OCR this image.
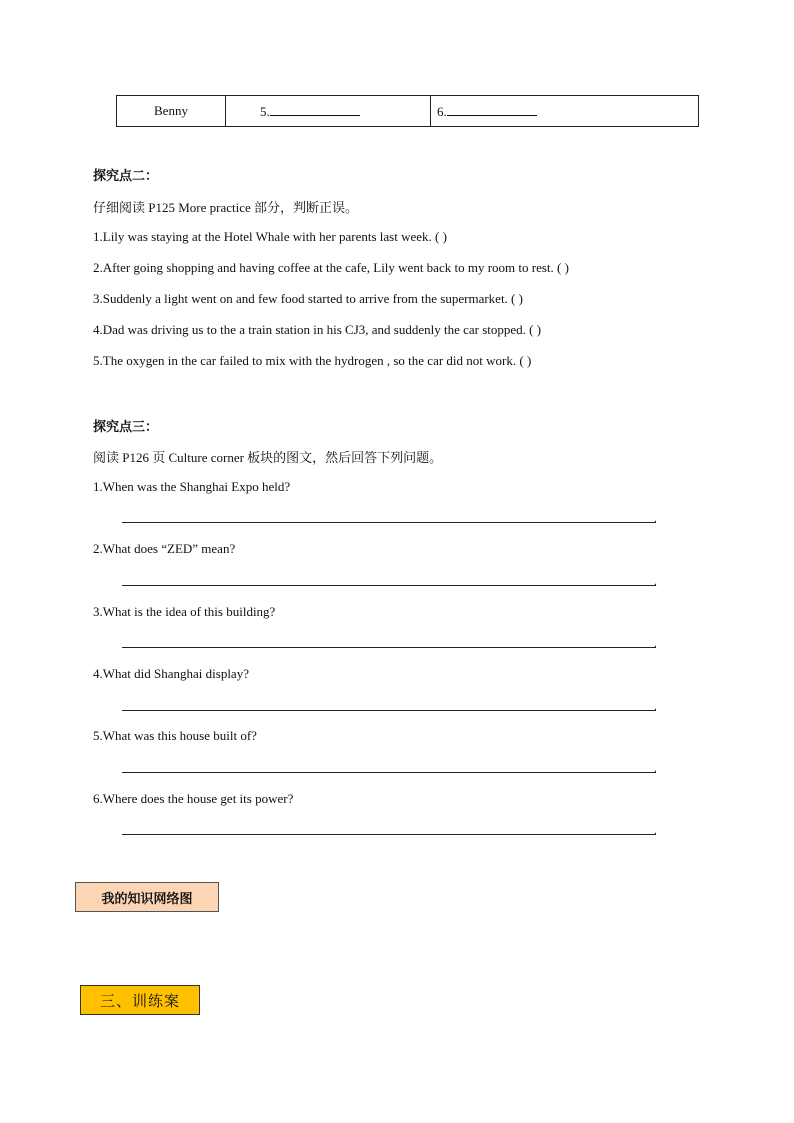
Benny	5.	6.
探究点二：
仔细阅读 P125 More practice 部分，判断正误。
1.Lily was staying at the Hotel Whale with her parents last week. ( )
2.After going shopping and having coffee at the cafe, Lily went back to my room to rest. ( )
3.Suddenly a light went on and few food started to arrive from the supermarket. ( )
4.Dad was driving us to the a train station in his CJ3, and suddenly the car stopped. ( )
5.The oxygen in the car failed to mix with the hydrogen , so the car did not work. ( )
探究点三：
阅读 P126 页 Culture corner 板块的图文，然后回答下列问题。
1.When was the Shanghai Expo held?
.
2.What does “ZED” mean?
.
3.What is the idea of this building?
.
4.What did Shanghai display?
.
5.What was this house built of?
.
6.Where does the house get its power?
.
我的知识网络图
三、训练案
